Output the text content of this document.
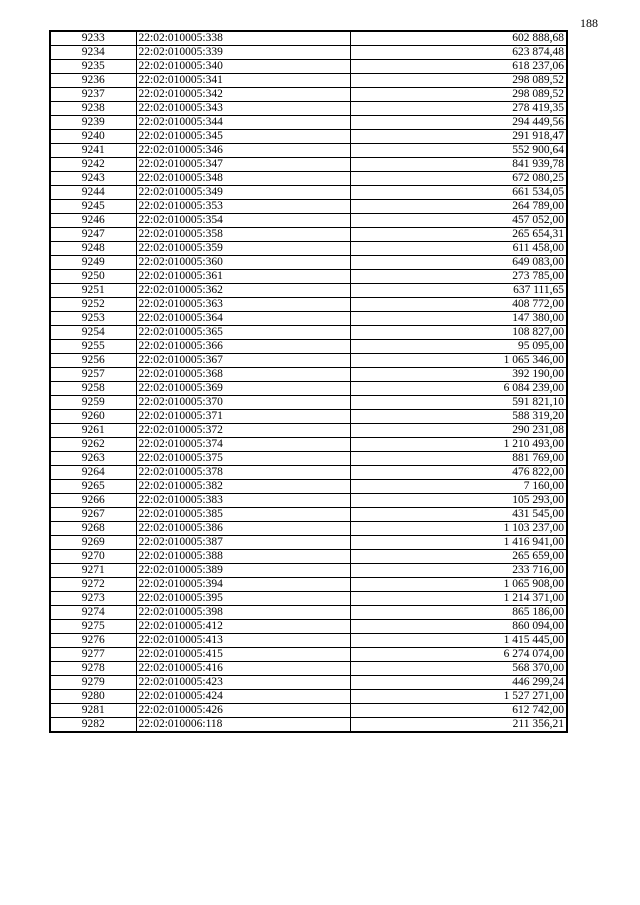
188
9233	22:02:010005:338	602 888,68
9234	22:02:010005:339	623 874,48
9235	22:02:010005:340	618 237,06
9236	22:02:010005:341	298 089,52
9237	22:02:010005:342	298 089,52
9238	22:02:010005:343	278 419,35
9239	22:02:010005:344	294 449,56
9240	22:02:010005:345	291 918,47
9241	22:02:010005:346	552 900,64
9242	22:02:010005:347	841 939,78
9243	22:02:010005:348	672 080,25
9244	22:02:010005:349	661 534,05
9245	22:02:010005:353	264 789,00
9246	22:02:010005:354	457 052,00
9247	22:02:010005:358	265 654,31
9248	22:02:010005:359	611 458,00
9249	22:02:010005:360	649 083,00
9250	22:02:010005:361	273 785,00
9251	22:02:010005:362	637 111,65
9252	22:02:010005:363	408 772,00
9253	22:02:010005:364	147 380,00
9254	22:02:010005:365	108 827,00
9255	22:02:010005:366	95 095,00
9256	22:02:010005:367	1 065 346,00
9257	22:02:010005:368	392 190,00
9258	22:02:010005:369	6 084 239,00
9259	22:02:010005:370	591 821,10
9260	22:02:010005:371	588 319,20
9261	22:02:010005:372	290 231,08
9262	22:02:010005:374	1 210 493,00
9263	22:02:010005:375	881 769,00
9264	22:02:010005:378	476 822,00
9265	22:02:010005:382	7 160,00
9266	22:02:010005:383	105 293,00
9267	22:02:010005:385	431 545,00
9268	22:02:010005:386	1 103 237,00
9269	22:02:010005:387	1 416 941,00
9270	22:02:010005:388	265 659,00
9271	22:02:010005:389	233 716,00
9272	22:02:010005:394	1 065 908,00
9273	22:02:010005:395	1 214 371,00
9274	22:02:010005:398	865 186,00
9275	22:02:010005:412	860 094,00
9276	22:02:010005:413	1 415 445,00
9277	22:02:010005:415	6 274 074,00
9278	22:02:010005:416	568 370,00
9279	22:02:010005:423	446 299,24
9280	22:02:010005:424	1 527 271,00
9281	22:02:010005:426	612 742,00
9282	22:02:010006:118	211 356,21
